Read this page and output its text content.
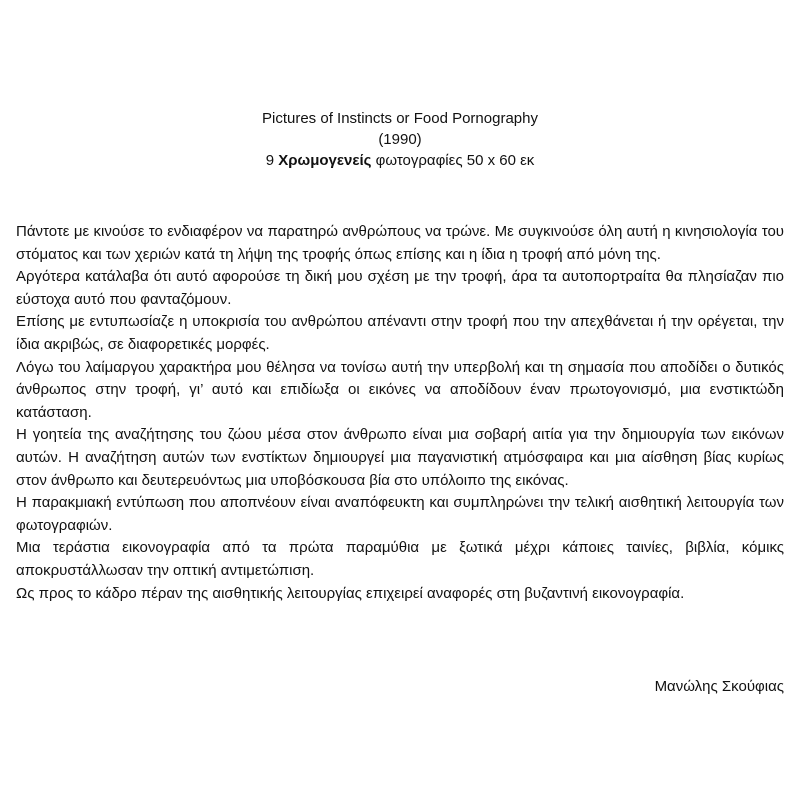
Pictures of Instincts or Food Pornography
(1990)
9 Χρωμογενείς φωτογραφίες 50 x 60 εκ

Πάντοτε με κινούσε το ενδιαφέρον να παρατηρώ ανθρώπους να τρώνε. Με συγκινούσε όλη αυτή η κινησιολογία του στόματος και των χεριών κατά τη λήψη της τροφής όπως επίσης και η ίδια η τροφή από μόνη της.

Αργότερα κατάλαβα ότι αυτό αφορούσε τη δική μου σχέση με την τροφή, άρα τα αυτοπορτραίτα θα πλησίαζαν πιο εύστοχα αυτό που φανταζόμουν.

Επίσης με εντυπωσίαζε η υποκρισία του ανθρώπου απέναντι στην τροφή που την απεχθάνεται ή την ορέγεται, την ίδια ακριβώς, σε διαφορετικές μορφές.

Λόγω του λαίμαργου χαρακτήρα μου θέλησα να τονίσω αυτή την υπερβολή και τη σημασία που αποδίδει ο δυτικός άνθρωπος στην τροφή, γι’ αυτό και επιδίωξα οι εικόνες να αποδίδουν έναν πρωτογονισμό, μια ενστικτώδη κατάσταση.

Η γοητεία της αναζήτησης του ζώου μέσα στον άνθρωπο είναι μια σοβαρή αιτία για την δημιουργία των εικόνων αυτών. Η αναζήτηση αυτών των ενστίκτων δημιουργεί μια παγανιστική ατμόσφαιρα και μια αίσθηση βίας κυρίως στον άνθρωπο και δευτερευόντως μια υποβόσκουσα βία στο υπόλοιπο της εικόνας.

Η παρακμιακή εντύπωση που αποπνέουν είναι αναπόφευκτη και συμπληρώνει την τελική αισθητική λειτουργία των φωτογραφιών.

Μια τεράστια εικονογραφία από τα πρώτα παραμύθια με ξωτικά μέχρι κάποιες ταινίες, βιβλία, κόμικς αποκρυστάλλωσαν την οπτική αντιμετώπιση.

Ως προς το κάδρο πέραν της αισθητικής λειτουργίας επιχειρεί αναφορές στη βυζαντινή εικονογραφία.

Μανώλης Σκούφιας
